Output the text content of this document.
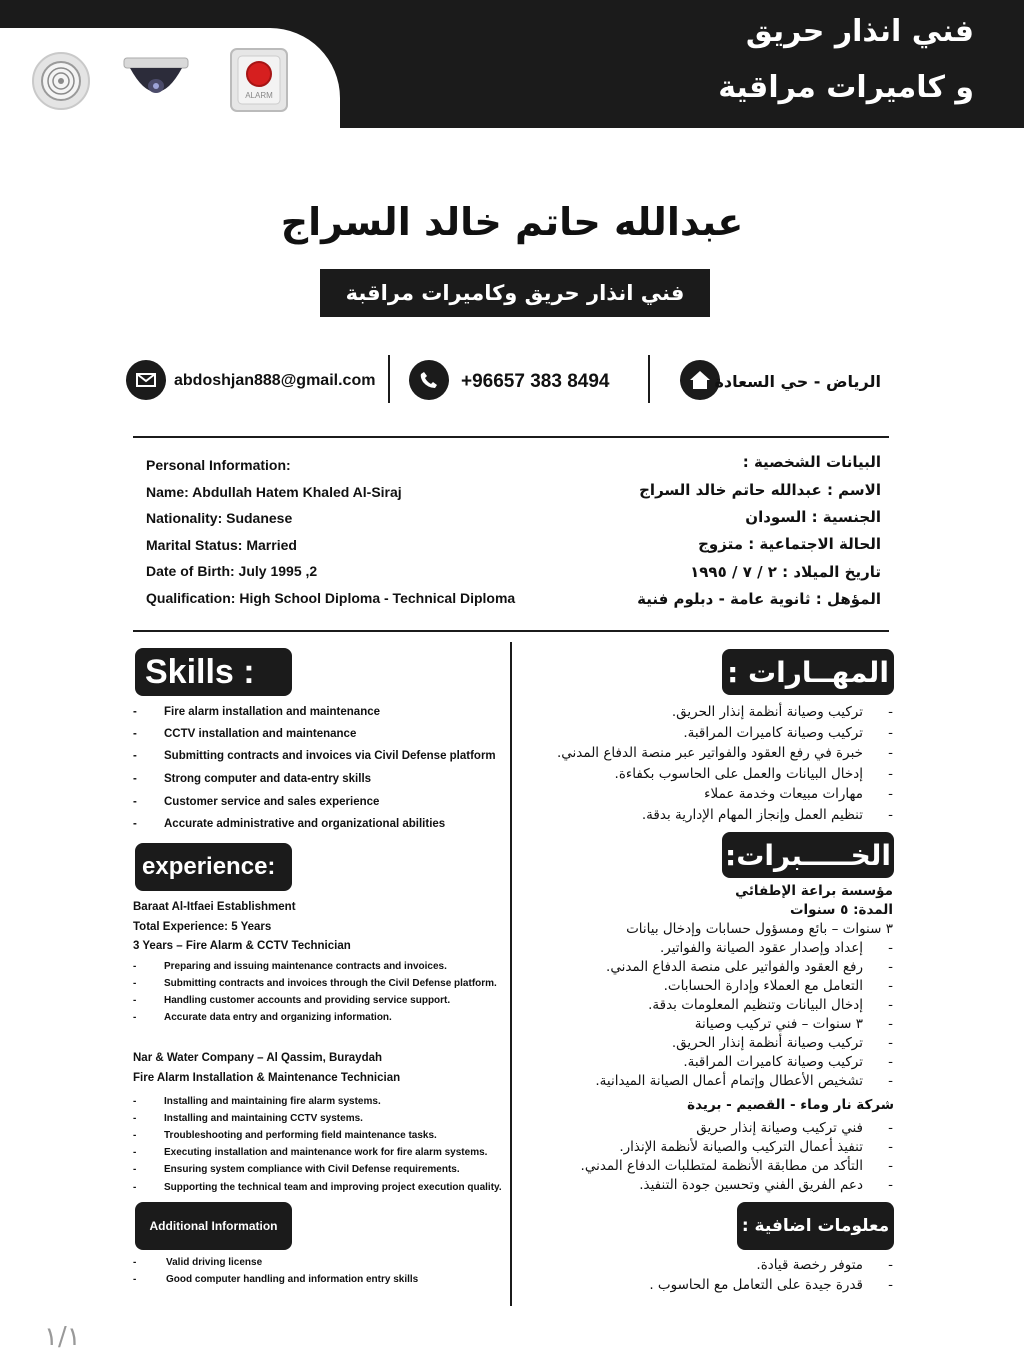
فني انذار حريق
و كاميرات مراقية
ALARM
عبدالله حاتم خالد السراج
فني انذار حريق وكاميرات مراقبة
abdoshjan888@gmail.com	+96657 383 8494	الرياض - حي السعادة
Personal Information:
Name: Abdullah Hatem Khaled Al-Siraj
Nationality: Sudanese
Marital Status: Married
Date of Birth: July 1995 ,2
Qualification: High School Diploma - Technical Diploma
البيانات الشخصية :
الاسم : عبدالله حاتم خالد السراج
الجنسية : السودان
الحالة الاجتماعية : متزوج
تاريخ الميلاد : ٢ / ٧ / ١٩٩٥
المؤهل : ثانوية عامة - دبلوم فنية
Skills :
- Fire alarm installation and maintenance
- CCTV installation and maintenance
- Submitting contracts and invoices via Civil Defense platform
- Strong computer and data-entry skills
- Customer service and sales experience
- Accurate administrative and organizational abilities
experience:
Baraat Al-Itfaei Establishment
Total Experience: 5 Years
3 Years – Fire Alarm & CCTV Technician
-	Preparing and issuing maintenance contracts and invoices.
-	Submitting contracts and invoices through the Civil Defense platform.
-	Handling customer accounts and providing service support.
-	Accurate data entry and organizing information.
Nar & Water Company – Al Qassim, Buraydah
Fire Alarm Installation & Maintenance Technician
-	Installing and maintaining fire alarm systems.
-	Installing and maintaining CCTV systems.
-	Troubleshooting and performing field maintenance tasks.
-	Executing installation and maintenance work for fire alarm systems.
-	Ensuring system compliance with Civil Defense requirements.
-	Supporting the technical team and improving project execution quality.
Additional Information
-	Valid driving license
-	Good computer handling and information entry skills
المهــارات :
-
تركيب وصيانة أنظمة إنذار الحريق.
-
تركيب وصيانة كاميرات المراقبة.
-
خبرة في رفع العقود والفواتير عبر منصة الدفاع المدني.
-
إدخال البيانات والعمل على الحاسوب بكفاءة.
-
مهارات مبيعات وخدمة عملاء
-
تنظيم العمل وإنجاز المهام الإدارية بدقة.
الخـــــبرات:
مؤسسة براعة الإطفائي
المدة: ٥ سنوات
٣ سنوات – بائع ومسؤول حسابات وإدخال بيانات
-
إعداد وإصدار عقود الصيانة والفواتير.
-
رفع العقود والفواتير على منصة الدفاع المدني.
-
التعامل مع العملاء وإدارة الحسابات.
-
إدخال البيانات وتنظيم المعلومات بدقة.
-
٣ سنوات – فني تركيب وصيانة
-
تركيب وصيانة أنظمة إنذار الحريق.
-
تركيب وصيانة كاميرات المراقبة.
-
تشخيص الأعطال وإتمام أعمال الصيانة الميدانية.
شركة نار وماء - القصيم - بريدة
-
فني تركيب وصيانة إنذار حريق
-
تنفيذ أعمال التركيب والصيانة لأنظمة الإنذار.
-
التأكد من مطابقة الأنظمة لمتطلبات الدفاع المدني.
-
دعم الفريق الفني وتحسين جودة التنفيذ.
معلومات اضافية :
-
متوفر رخصة قيادة.
-
قدرة جيدة على التعامل مع الحاسوب .
١/١
